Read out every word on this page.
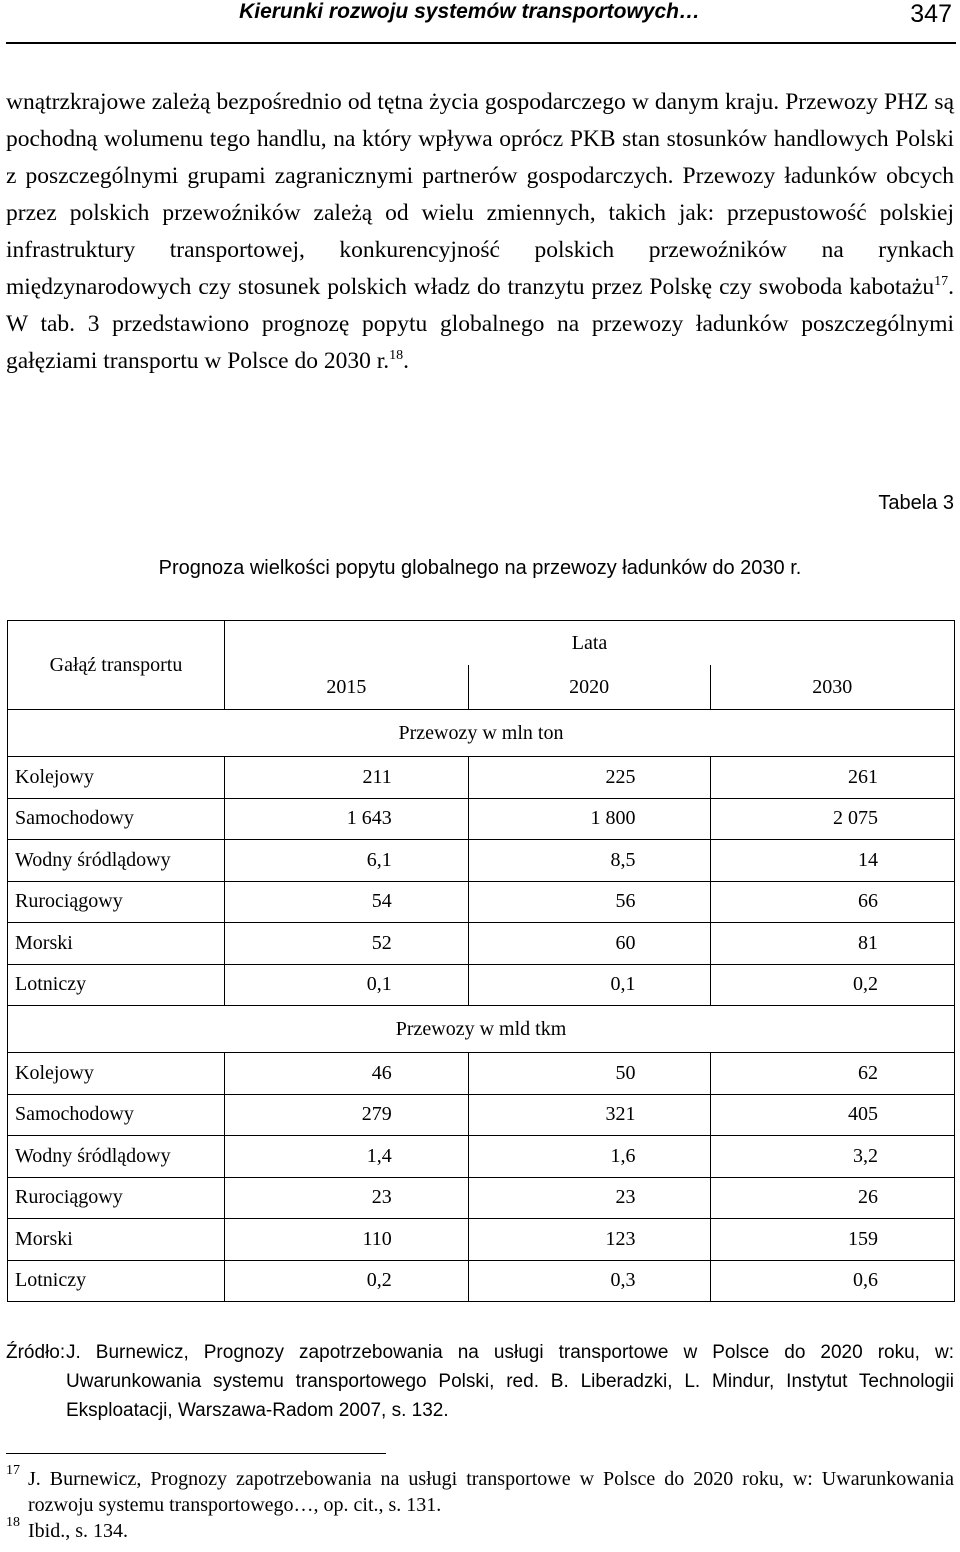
Kierunki rozwoju systemów transportowych…	347
wnątrzkrajowe zależą bezpośrednio od tętna życia gospodarczego w danym kraju. Przewozy PHZ są pochodną wolumenu tego handlu, na który wpływa oprócz PKB stan stosunków handlowych Polski z poszczególnymi grupami zagranicznymi partnerów gospodarczych. Przewozy ładunków obcych przez polskich przewoźników zależą od wielu zmiennych, takich jak: przepustowość polskiej infrastruktury transportowej, konkurencyjność polskich przewoźników na rynkach międzynarodowych czy stosunek polskich władz do tranzytu przez Polskę czy swoboda kabotażu$^{17}$. W tab. 3 przedstawiono prognozę popytu globalnego na przewozy ładunków poszczególnymi gałęziami transportu w Polsce do 2030 r.$^{18}$.
Tabela 3
Prognoza wielkości popytu globalnego na przewozy ładunków do 2030 r.
Gałąź transportu	Lata		
	2015	2020	2030
Przewozy w mln ton			
Kolejowy	211	225	261
Samochodowy	1 643	1 800	2 075
Wodny śródlądowy	6,1	8,5	14
Rurociągowy	54	56	66
Morski	52	60	81
Lotniczy	0,1	0,1	0,2
Przewozy w mld tkm			
Kolejowy	46	50	62
Samochodowy	279	321	405
Wodny śródlądowy	1,4	1,6	3,2
Rurociągowy	23	23	26
Morski	110	123	159
Lotniczy	0,2	0,3	0,6
Źródło: J. Burnewicz, Prognozy zapotrzebowania na usługi transportowe w Polsce do 2020 roku, w: Uwarunkowania systemu transportowego Polski, red. B. Liberadzki, L. Mindur, Instytut Technologii Eksploatacji, Warszawa-Radom 2007, s. 132.
17 J. Burnewicz, Prognozy zapotrzebowania na usługi transportowe w Polsce do 2020 roku, w: Uwarunkowania rozwoju systemu transportowego…, op. cit., s. 131.
18 Ibid., s. 134.
